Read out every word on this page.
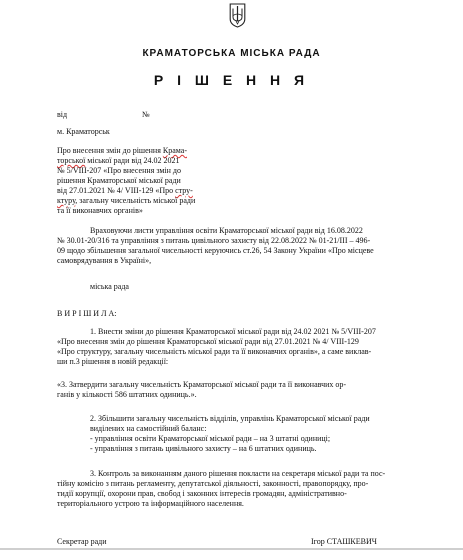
КРАМАТОРСЬКА МІСЬКА РАДА
Р І Ш Е Н Н Я
від	№
м. Краматорськ
Про внесення змін до рішення Крама-
торської міської ради від 24.02 2021
№ 5/VIII-207 «Про внесення змін до
рішення Краматорської міської ради
від 27.01.2021 № 4/ VIII-129 «Про стру-
ктуру, загальну чисельність міської ради
та її виконавчих органів»
Враховуючи листи управління освіти Краматорської міської ради від 16.08.2022
№ 30.01-20/316 та управління з питань цивільного захисту від 22.08.2022 № 01-21/ІІІ – 496-
09 щодо збільшення загальної чисельності керуючись ст.26, 54 Закону України «Про місцеве
самоврядування в Україні»,
міська рада
В И Р І Ш И Л А:
1. Внести зміни до рішення Краматорської міської ради від 24.02 2021 № 5/VIII-207
«Про внесення змін до рішення Краматорської міської ради від 27.01.2021 № 4/ VIII-129
«Про структуру, загальну чисельність міської ради та її виконавчих органів», а саме виклав-
ши п.3 рішення в новій редакції:
«3. Затвердити загальну чисельність Краматорської міської ради та її виконавчих ор-
ганів у кількості 586 штатних одиниць.».
2. Збільшити загальну чисельність відділів, управлінь Краматорської міської ради
виділених на самостійний баланс:
- управління освіти Краматорської міської ради – на 3 штатні одиниці;
- управління з питань цивільного захисту – на 6 штатних одиниць.
3. Контроль за виконанням даного рішення покласти на секретаря міської ради та пос-
тійну комісію з питань регламенту, депутатської діяльності, законності, правопорядку, про-
тидії корупції, охорони прав, свобод і законних інтересів громадян, адміністративно-
територіального устрою та інформаційного населення.
Секретар ради	Ігор СТАШКЕВИЧ
